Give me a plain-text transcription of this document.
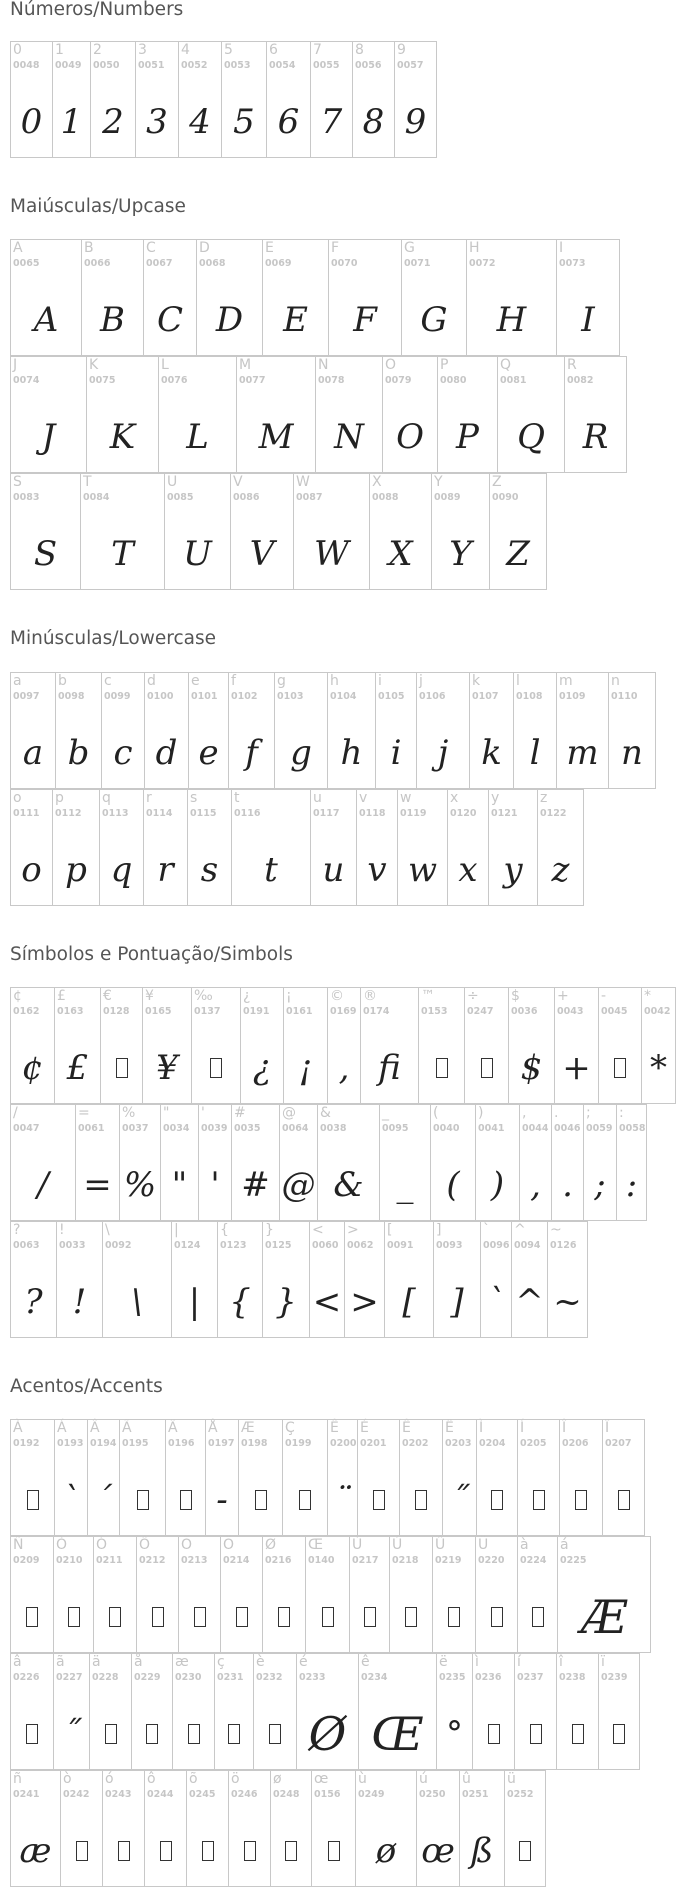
Números/Numbers
Maiúsculas/Upcase
Minúsculas/Lowercase
Símbolos e Pontuação/Simbols
Acentos/Accents
0
0048
0
1
0049
1
2
0050
2
3
0051
3
4
0052
4
5
0053
5
6
0054
6
7
0055
7
8
0056
8
9
0057
9
A
0065
A
B
0066
B
C
0067
C
D
0068
D
E
0069
E
F
0070
F
G
0071
G
H
0072
H
I
0073
I
J
0074
J
K
0075
K
L
0076
L
M
0077
M
N
0078
N
O
0079
O
P
0080
P
Q
0081
Q
R
0082
R
S
0083
S
T
0084
T
U
0085
U
V
0086
V
W
0087
W
X
0088
X
Y
0089
Y
Z
0090
Z
a
0097
a
b
0098
b
c
0099
c
d
0100
d
e
0101
e
f
0102
f
g
0103
g
h
0104
h
i
0105
i
j
0106
j
k
0107
k
l
0108
l
m
0109
m
n
0110
n
o
0111
o
p
0112
p
q
0113
q
r
0114
r
s
0115
s
t
0116
t
u
0117
u
v
0118
v
w
0119
w
x
0120
x
y
0121
y
z
0122
z
¢
0162
¢
£
0163
£
€
0128
¥
0165
¥
‰
0137
¿
0191
¿
¡
0161
¡
©
0169
,
®
0174
fi
™
0153
÷
0247
$
0036
$
+
0043
+
-
0045
*
0042
*
/
0047
/
=
0061
=
%
0037
%
"
0034
"
'
0039
'
#
0035
#
@
0064
@
&
0038
&
_
0095
_
(
0040
(
)
0041
)
,
0044
,
.
0046
.
;
0059
;
:
0058
:
?
0063
?
!
0033
!
\
0092
\
|
0124
|
{
0123
{
}
0125
}
<
0060
<
>
0062
>
[
0091
[
]
0093
]
`
0096
`
^
0094
^
~
0126
~
À
0192
Á
0193
`
Â
0194
´
Ã
0195
Ä
0196
Å
0197
-
Æ
0198
Ç
0199
Ê
0200
¨
É
0201
Ê
0202
Ë
0203
˝
Ì
0204
Í
0205
Î
0206
Ï
0207
Ñ
0209
Ò
0210
Ó
0211
Ô
0212
Õ
0213
Ö
0214
Ø
0216
Œ
0140
Ù
0217
Ú
0218
Û
0219
Ü
0220
à
0224
á
0225
Æ
â
0226
ã
0227
˝
ä
0228
å
0229
æ
0230
ç
0231
è
0232
é
0233
Ø
ê
0234
Œ
ë
0235
°
ì
0236
í
0237
î
0238
ï
0239
ñ
0241
æ
ò
0242
ó
0243
ô
0244
õ
0245
ö
0246
ø
0248
œ
0156
ù
0249
ø
ú
0250
œ
û
0251
ß
ü
0252
